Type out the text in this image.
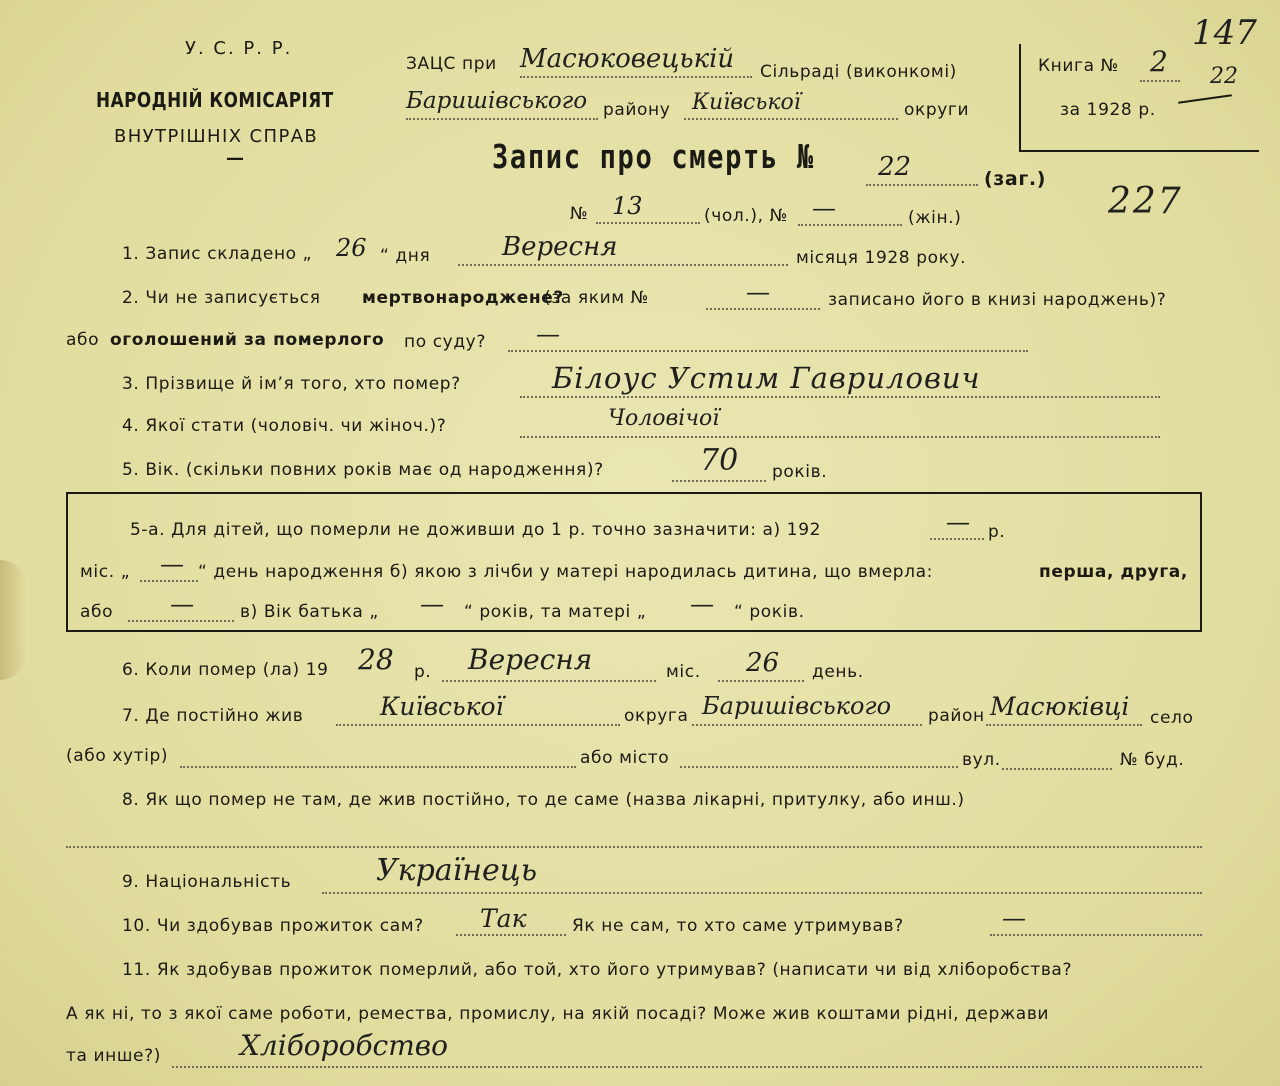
У. С. Р. Р.
НАРОДНІЙ КОМІСАРІЯТ
ВНУТРІШНІХ СПРАВ
—
ЗАЦС при Масюковецькій Сільраді (виконкомі)
Баришівського району Київської	округи
Книга № 2
147
за 1928 р.
22
227
Запис про смерть № 22	(заг.)
№ 13	(чол.), № —	(жін.)
1. Запис складено „ 26 “ дня	Вересня	місяця 1928 року.
2. Чи не записується мертвонароджене?
(за яким №	—	записано його в книзі народжень)?
або оголошений за померлого по суду? —
3. Прізвище й ім’я того, хто помер?	Білоус Устим Гаврилович
4. Якої стати (чоловіч. чи жіноч.)?	Чоловічої
5. Вік. (скільки повних років має од народження)?	70 років.
5-а. Для дітей, що померли не доживши до 1 р. точно зазначити: а) 192	— р.
міс. „ — “ день народження б) якою з лічби у матері народилась дитина, що вмерла:	перша, друга,
або —	в) Вік батька „ — “ років, та матері „ — “ років.
6. Коли помер (ла) 19 28 р. Вересня	міс. 26 день.
7. Де постійно жив	Київської	округа Баришівського район Масюківці село
(або хутір)	або місто	вул.	№ буд.
8. Як що помер не там, де жив постійно, то де саме (назва лікарні, притулку, або инш.)
9. Національність	Українець
10. Чи здобував прожиток сам? Так	Як не сам, то хто саме утримував?	—
11. Як здобував прожиток померлий, або той, хто його утримував? (написати чи від хліборобства?
А як ні, то з якої саме роботи, ремества, промислу, на якій посаді? Може жив коштами рідні, держави
та инше?)	Хліборобство
